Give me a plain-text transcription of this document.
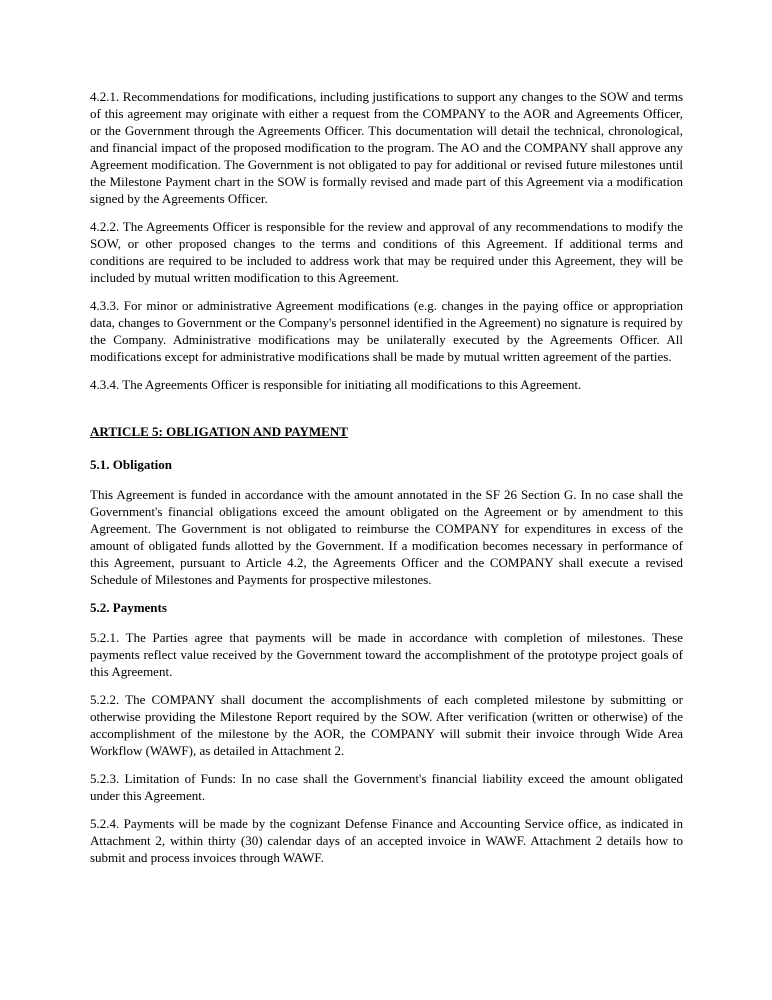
4.2.1. Recommendations for modifications, including justifications to support any changes to the SOW and terms of this agreement may originate with either a request from the COMPANY to the AOR and Agreements Officer, or the Government through the Agreements Officer. This documentation will detail the technical, chronological, and financial impact of the proposed modification to the program. The AO and the COMPANY shall approve any Agreement modification. The Government is not obligated to pay for additional or revised future milestones until the Milestone Payment chart in the SOW is formally revised and made part of this Agreement via a modification signed by the Agreements Officer.

4.2.2. The Agreements Officer is responsible for the review and approval of any recommendations to modify the SOW, or other proposed changes to the terms and conditions of this Agreement. If additional terms and conditions are required to be included to address work that may be required under this Agreement, they will be included by mutual written modification to this Agreement.

4.3.3. For minor or administrative Agreement modifications (e.g. changes in the paying office or appropriation data, changes to Government or the Company's personnel identified in the Agreement) no signature is required by the Company. Administrative modifications may be unilaterally executed by the Agreements Officer. All modifications except for administrative modifications shall be made by mutual written agreement of the parties.

4.3.4. The Agreements Officer is responsible for initiating all modifications to this Agreement.

ARTICLE 5: OBLIGATION AND PAYMENT

5.1. Obligation

This Agreement is funded in accordance with the amount annotated in the SF 26 Section G. In no case shall the Government's financial obligations exceed the amount obligated on the Agreement or by amendment to this Agreement. The Government is not obligated to reimburse the COMPANY for expenditures in excess of the amount of obligated funds allotted by the Government. If a modification becomes necessary in performance of this Agreement, pursuant to Article 4.2, the Agreements Officer and the COMPANY shall execute a revised Schedule of Milestones and Payments for prospective milestones.

5.2. Payments

5.2.1. The Parties agree that payments will be made in accordance with completion of milestones. These payments reflect value received by the Government toward the accomplishment of the prototype project goals of this Agreement.

5.2.2. The COMPANY shall document the accomplishments of each completed milestone by submitting or otherwise providing the Milestone Report required by the SOW. After verification (written or otherwise) of the accomplishment of the milestone by the AOR, the COMPANY will submit their invoice through Wide Area Workflow (WAWF), as detailed in Attachment 2.

5.2.3. Limitation of Funds: In no case shall the Government's financial liability exceed the amount obligated under this Agreement.

5.2.4. Payments will be made by the cognizant Defense Finance and Accounting Service office, as indicated in Attachment 2, within thirty (30) calendar days of an accepted invoice in WAWF. Attachment 2 details how to submit and process invoices through WAWF.
